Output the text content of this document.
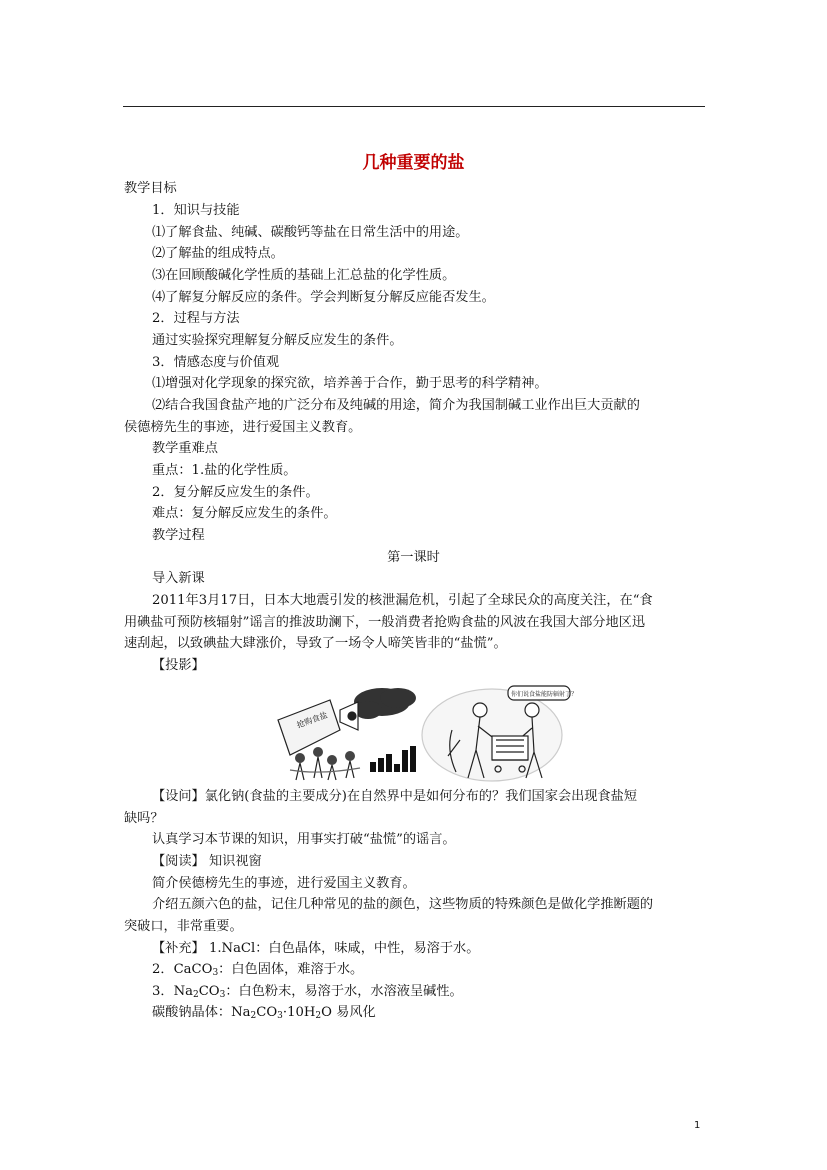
几种重要的盐
教学目标
1．知识与技能
⑴了解食盐、纯碱、碳酸钙等盐在日常生活中的用途。
⑵了解盐的组成特点。
⑶在回顾酸碱化学性质的基础上汇总盐的化学性质。
⑷了解复分解反应的条件。学会判断复分解反应能否发生。
2．过程与方法
通过实验探究理解复分解反应发生的条件。
3．情感态度与价值观
⑴增强对化学现象的探究欲，培养善于合作，勤于思考的科学精神。
⑵结合我国食盐产地的广泛分布及纯碱的用途，简介为我国制碱工业作出巨大贡献的
侯德榜先生的事迹，进行爱国主义教育。
教学重难点
重点：1.盐的化学性质。
2．复分解反应发生的条件。
难点：复分解反应发生的条件。
教学过程
第一课时
导入新课
2011年3月17日，日本大地震引发的核泄漏危机，引起了全球民众的高度关注，在“食
用碘盐可预防核辐射”谣言的推波助澜下，一般消费者抢购食盐的风波在我国大部分地区迅
速刮起，以致碘盐大肆涨价，导致了一场令人啼笑皆非的“盐慌”。
【投影】
抢购食盐
你们说食盐能防辐射了？
【设问】氯化钠(食盐的主要成分)在自然界中是如何分布的？我们国家会出现食盐短
缺吗？
认真学习本节课的知识，用事实打破“盐慌”的谣言。
【阅读】 知识视窗
简介侯德榜先生的事迹，进行爱国主义教育。
介绍五颜六色的盐，记住几种常见的盐的颜色，这些物质的特殊颜色是做化学推断题的
突破口，非常重要。
【补充】 1.NaCl：白色晶体，味咸，中性，易溶于水。
2．CaCO$_3$：白色固体，难溶于水。
3．$Na_2CO_3$：白色粉末，易溶于水，水溶液呈碱性。
碳酸钠晶体：$Na_2CO_3\cdot 10H_2O$ 易风化
1
